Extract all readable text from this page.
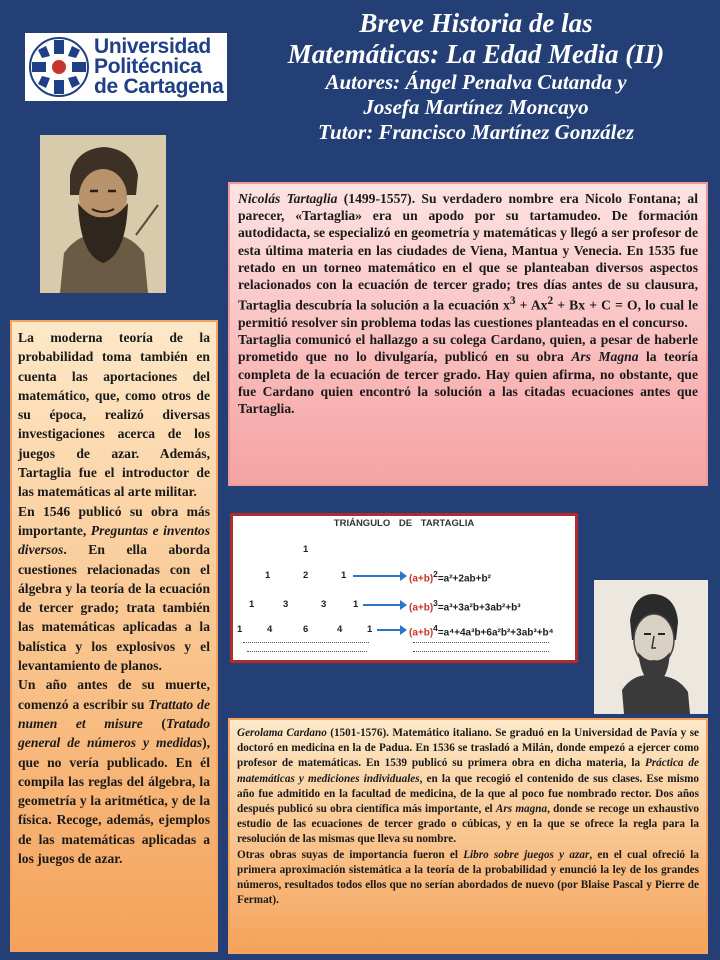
Universidad
Politécnica
de Cartagena
Breve Historia de las
Matemáticas: La Edad Media (II)
Autores: Ángel Penalva Cutanda y
Josefa Martínez Moncayo
Tutor: Francisco Martínez González

Nicolás Tartaglia (1499-1557). Su verdadero nombre era Nicolo Fontana; al parecer, «Tartaglia» era un apodo por su tartamudeo. De formación autodidacta, se especializó en geometría y matemáticas y llegó a ser profesor de esta última materia en las ciudades de Viena, Mantua y Venecia. En 1535 fue retado en un torneo matemático en el que se planteaban diversos aspectos relacionados con la ecuación de tercer grado; tres días antes de su clausura, Tartaglia descubría la solución a la ecuación $x^3 + Ax^2 + Bx + C = O$, lo cual le permitió resolver sin problema todas las cuestiones planteadas en el concurso.

Tartaglia comunicó el hallazgo a su colega Cardano, quien, a pesar de haberle prometido que no lo divulgaría, publicó en su obra Ars Magna la teoría completa de la ecuación de tercer grado. Hay quien afirma, no obstante, que fue Cardano quien encontró la solución a las citadas ecuaciones antes que Tartaglia.

La moderna teoría de la probabilidad toma también en cuenta las aportaciones del matemático, que, como otros de su época, realizó diversas investigaciones acerca de los juegos de azar. Además, Tartaglia fue el introductor de las matemáticas al arte militar.

En 1546 publicó su obra más importante, Preguntas e inventos diversos. En ella aborda cuestiones relacionadas con el álgebra y la teoría de la ecuación de tercer grado; trata también las matemáticas aplicadas a la balística y los explosivos y el levantamiento de planos.

Un año antes de su muerte, comenzó a escribir su Trattato de numen et misure (Tratado general de números y medidas), que no vería publicado. En él compila las reglas del álgebra, la geometría y la aritmética, y de la física. Recoge, además, ejemplos de las matemáticas aplicadas a los juegos de azar.

TRIÁNGULO DE TARTAGLIA
1
1	2	1
1	3	3	1
1	4	6	4	1
$(a+b)^2=a^2+2ab+b^2$
$(a+b)^3=a^3+3a^2b+3ab^2+b^3$
$(a+b)^4=a^4+4a^3b+6a^2b^2+3ab^3+b^4$

Gerolama Cardano (1501-1576). Matemático italiano. Se graduó en la Universidad de Pavía y se doctoró en medicina en la de Padua. En 1536 se trasladó a Milán, donde empezó a ejercer como profesor de matemáticas. En 1539 publicó su primera obra en dicha materia, la Práctica de matemáticas y mediciones individuales, en la que recogió el contenido de sus clases. Ese mismo año fue admitido en la facultad de medicina, de la que al poco fue nombrado rector. Dos años después publicó su obra científica más importante, el Ars magna, donde se recoge un exhaustivo estudio de las ecuaciones de tercer grado o cúbicas, y en la que se ofrece la regla para la resolución de las mismas que lleva su nombre.

Otras obras suyas de importancia fueron el Libro sobre juegos y azar, en el cual ofreció la primera aproximación sistemática a la teoría de la probabilidad y enunció la ley de los grandes números, resultados todos ellos que no serían abordados de nuevo (por Blaise Pascal y Pierre de Fermat).
